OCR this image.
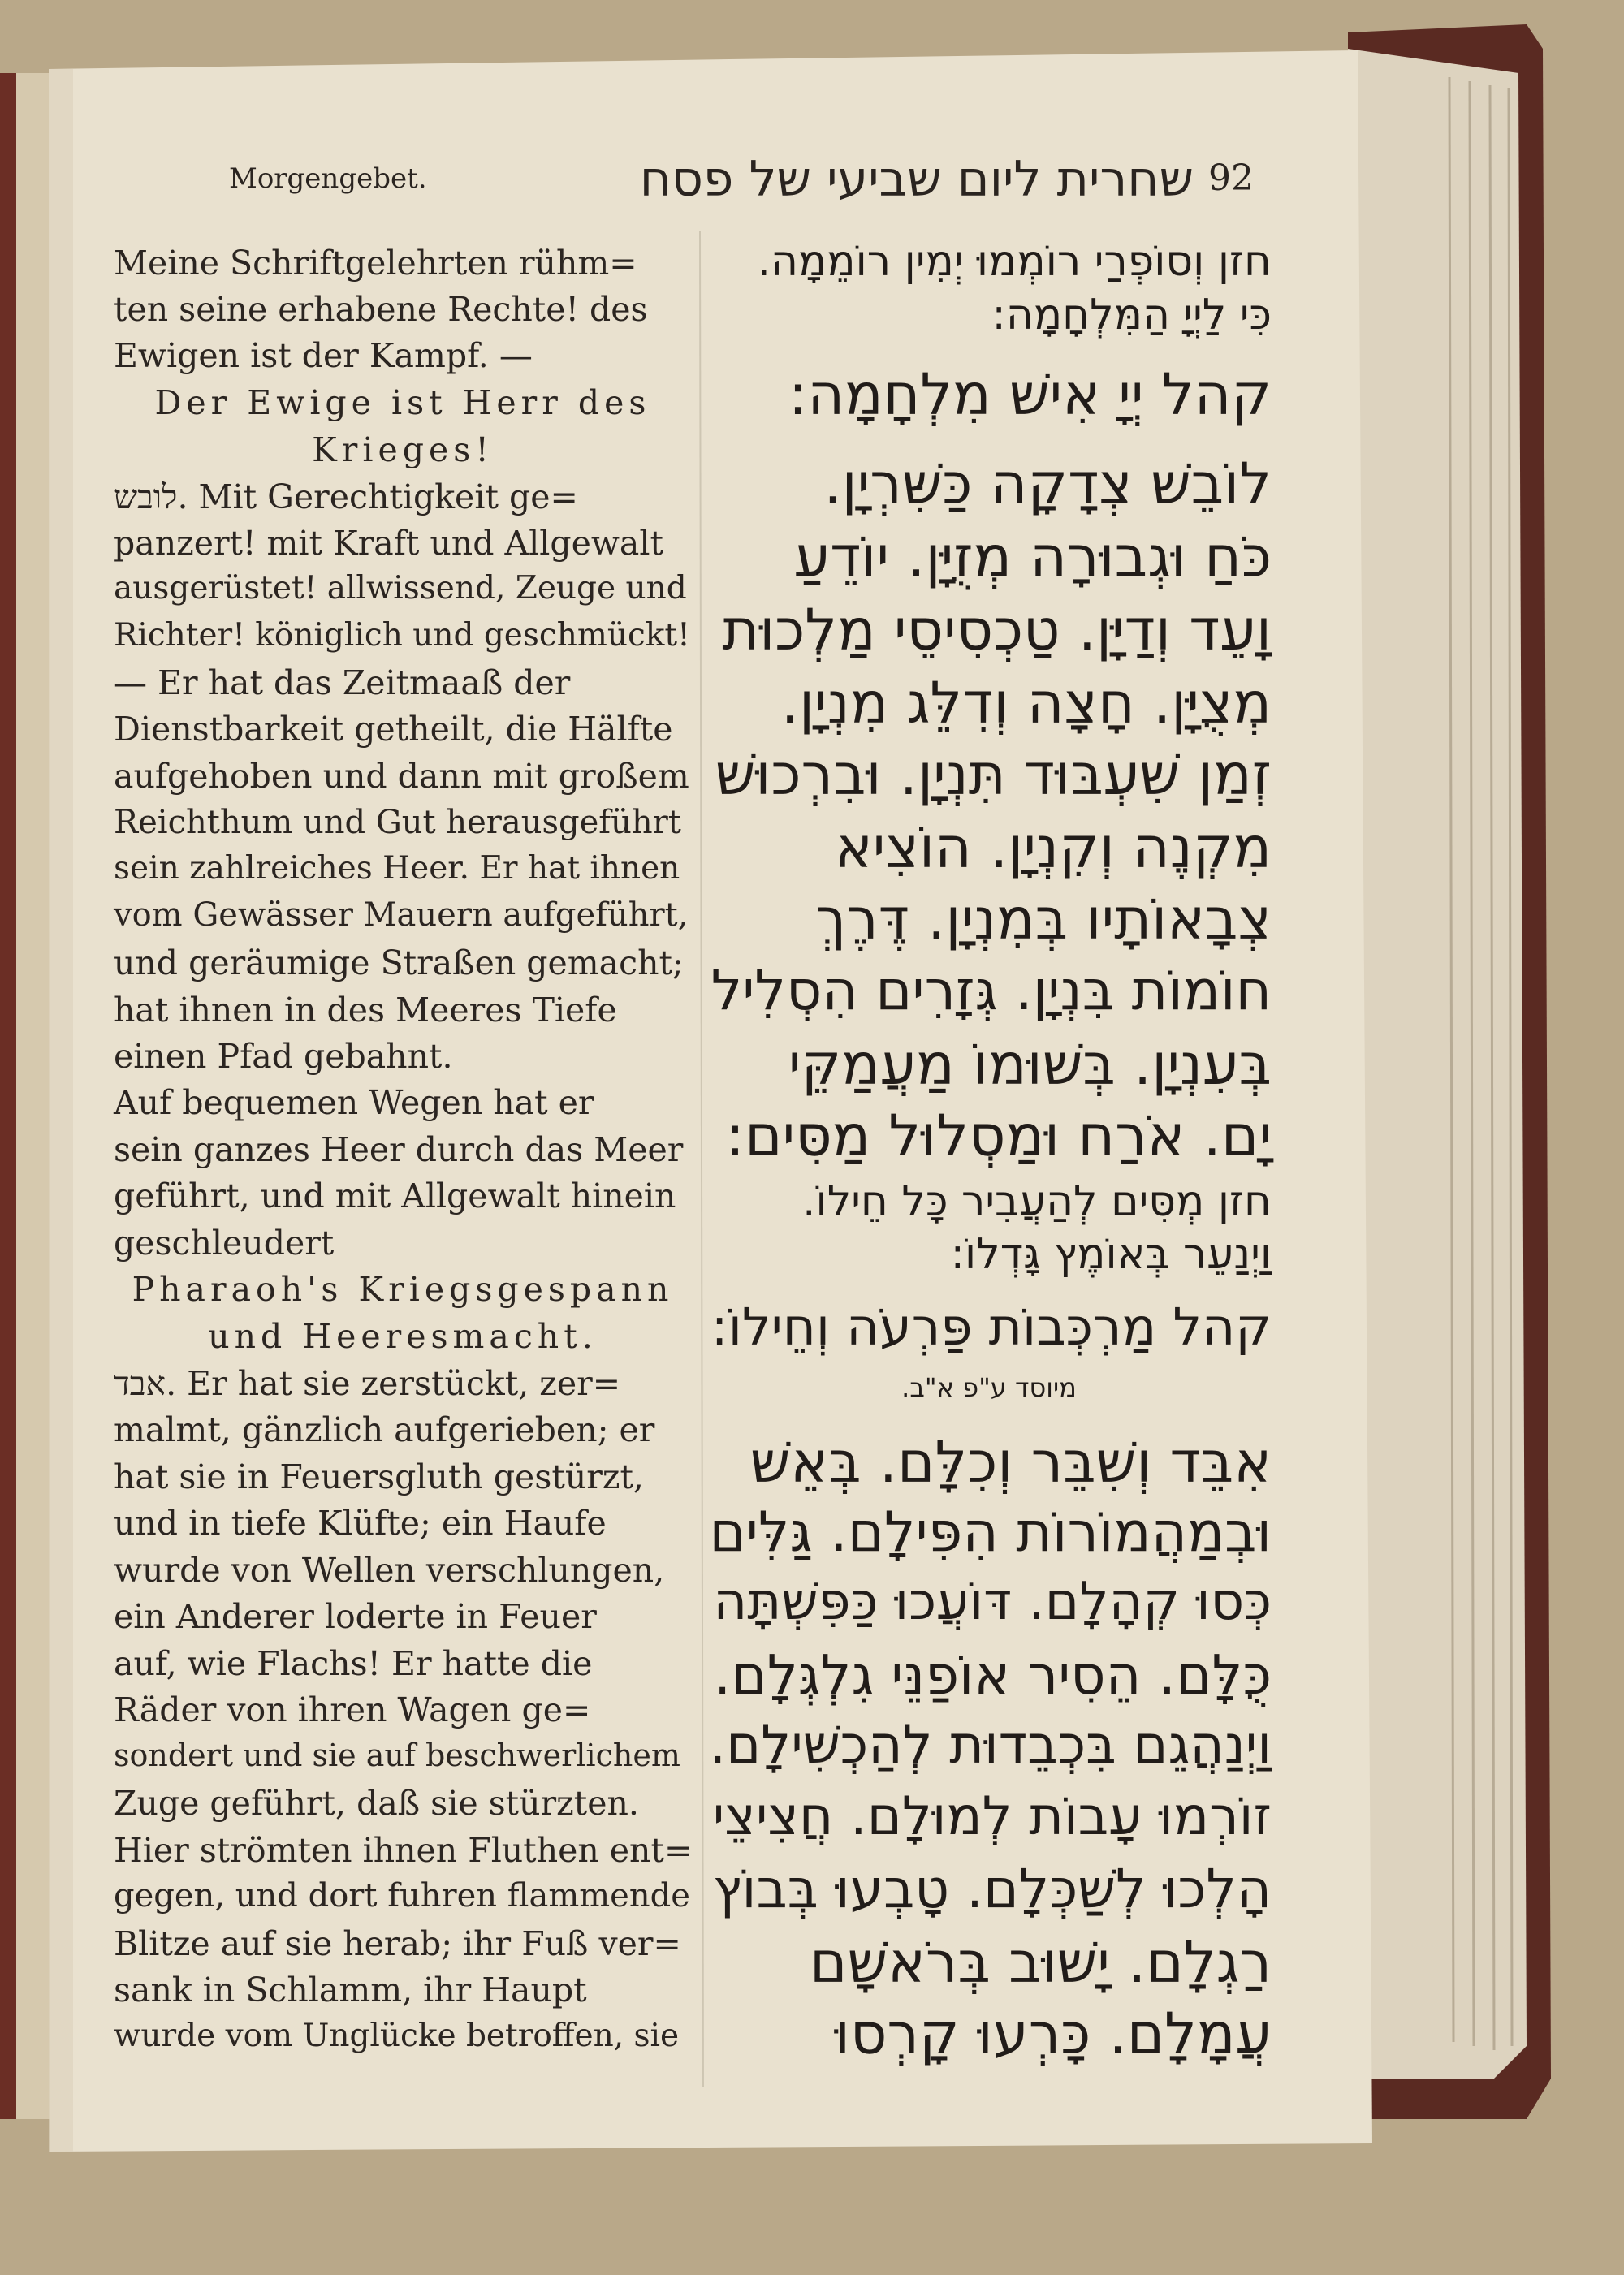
Morgengebet.	שחרית ליום שביעי של פסח 92
Meine Schriftgelehrten rühm=
ten seine erhabene Rechte! des
Ewigen ist der Kampf. —
Der Ewige ist Herr des
Krieges!
לובש. Mit Gerechtigkeit ge=
panzert! mit Kraft und Allgewalt
ausgerüstet! allwissend, Zeuge und
Richter! königlich und geschmückt!
— Er hat das Zeitmaaß der
Dienstbarkeit getheilt, die Hälfte
aufgehoben und dann mit großem
Reichthum und Gut herausgeführt
sein zahlreiches Heer. Er hat ihnen
vom Gewässer Mauern aufgeführt,
und geräumige Straßen gemacht;
hat ihnen in des Meeres Tiefe
einen Pfad gebahnt.
Auf bequemen Wegen hat er
sein ganzes Heer durch das Meer
geführt, und mit Allgewalt hinein
geschleudert
Pharaoh's Kriegsgespann
und Heeresmacht.
אבד. Er hat sie zerstückt, zer=
malmt, gänzlich aufgerieben; er
hat sie in Feuersgluth gestürzt,
und in tiefe Klüfte; ein Haufe
wurde von Wellen verschlungen,
ein Anderer loderte in Feuer
auf, wie Flachs! Er hatte die
Räder von ihren Wagen ge=
sondert und sie auf beschwerlichem
Zuge geführt, daß sie stürzten.
Hier strömten ihnen Fluthen ent=
gegen, und dort fuhren flammende
Blitze auf sie herab; ihr Fuß ver=
sank in Schlamm, ihr Haupt
wurde vom Unglücke betroffen, sie
חזן וְסוֹפְרַי רוֹמְמוּ יְמִין רוֹמֵמָה.
כִּי לַיְיָ הַמִּלְחָמָה:
קהל יְיָ אִישׁ מִלְחָמָה:
לוֹבֵשׁ צְדָקָה כַּשִּׁרְיָן.
כֹּחַ וּגְבוּרָה מְזֻיָּן. יוֹדֵעַ
וָעֵד וְדַיָּן. טַכְסִיסֵי מַלְכוּת
מְצֻיָּן. חָצָה וְדִלֵּג מִנְיָן.
זְמַן שִׁעְבּוּד תִּנְיָן. וּבִרְכוּשׁ
מִקְנֶה וְקִנְיָן. הוֹצִיא
צְבָאוֹתָיו בְּמִנְיָן. דֶּרֶךְ
חוֹמוֹת בִּנְיָן. גְּזָרִים הִסְלִיל
בְּעִנְיָן. בְּשׁוּמוֹ מַעֲמַקֵּי
יָם. אֹרַח וּמַסְלוּל מַסִּים:
חזן מְסִּים לְהַעֲבִיר כָּל חֵילוֹ.
וַיְנַעֵר בְּאוֹמֶץ גָּדְלוֹ:
קהל מַרְכְּבוֹת פַּרְעֹה וְחֵילוֹ:
מיוסד ע"פ א"ב.
אִבֵּד וְשִׁבֵּר וְכִלָּם. בְּאֵשׁ
וּבְמַהֲמוֹרוֹת הִפִּילָם. גַּלִּים
כְּסוּ קְהָלָם. דּוֹעֲכוּ כַּפִּשְׁתָּה
כֻּלָּם. הֵסִיר אוֹפַנֵּי גִלְגְּלָם.
וַיְנַהֲגֵם בִּכְבֵדוּת לְהַכְשִׁילָם.
זוֹרְמוּ עָבוֹת לְמוּלָם. חֲצִיצֵי
הָלְכוּ לְשַׁכְּלָם. טָבְעוּ בְּבוֹץ
רַגְלָם. יָשׁוּב בְּרֹאשָׁם
עֲמָלָם. כָּרְעוּ קָרְסוּ
